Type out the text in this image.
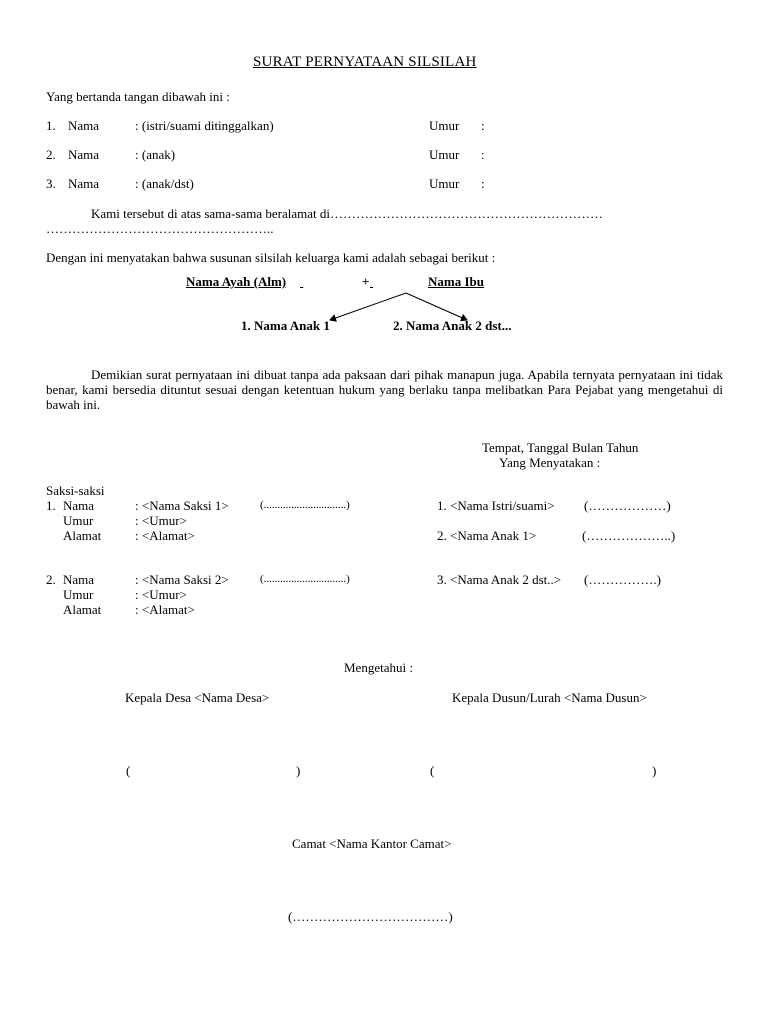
SURAT PERNYATAAN SILSILAH
Yang bertanda tangan dibawah ini :
1. Nama	: (istri/suami ditinggalkan)	Umur :
2. Nama	: (anak)	Umur :
3. Nama	: (anak/dst)	Umur :
Kami tersebut di atas sama-sama beralamat di………………………………………………………
……………………………………………..
Dengan ini menyatakan bahwa susunan silsilah keluarga kami adalah sebagai berikut :
Nama Ayah (Alm)
	+
	Nama Ibu
1. Nama Anak 1	2. Nama Anak 2 dst...
Demikian surat pernyataan ini dibuat tanpa ada paksaan dari pihak manapun juga. Apabila ternyata pernyataan ini tidak benar, kami bersedia dituntut sesuai dengan ketentuan hukum yang berlaku tanpa melibatkan Para Pejabat yang mengetahui di bawah ini.
Tempat, Tanggal Bulan Tahun
Yang Menyatakan :
Saksi-saksi
1. Nama	: <Nama Saksi 1>	(..............................)
Umur	: <Umur>
Alamat	: <Alamat>
2. Nama	: <Nama Saksi 2>	(..............................)
Umur	: <Umur>
Alamat	: <Alamat>
1. <Nama Istri/suami> (………………)
2. <Nama Anak 1>	(………………..)
3. <Nama Anak 2 dst..> (…………….)
Mengetahui :
Kepala Desa <Nama Desa>	Kepala Dusun/Lurah <Nama Dusun>
(	)	(	)
Camat <Nama Kantor Camat>
(………………………………)
